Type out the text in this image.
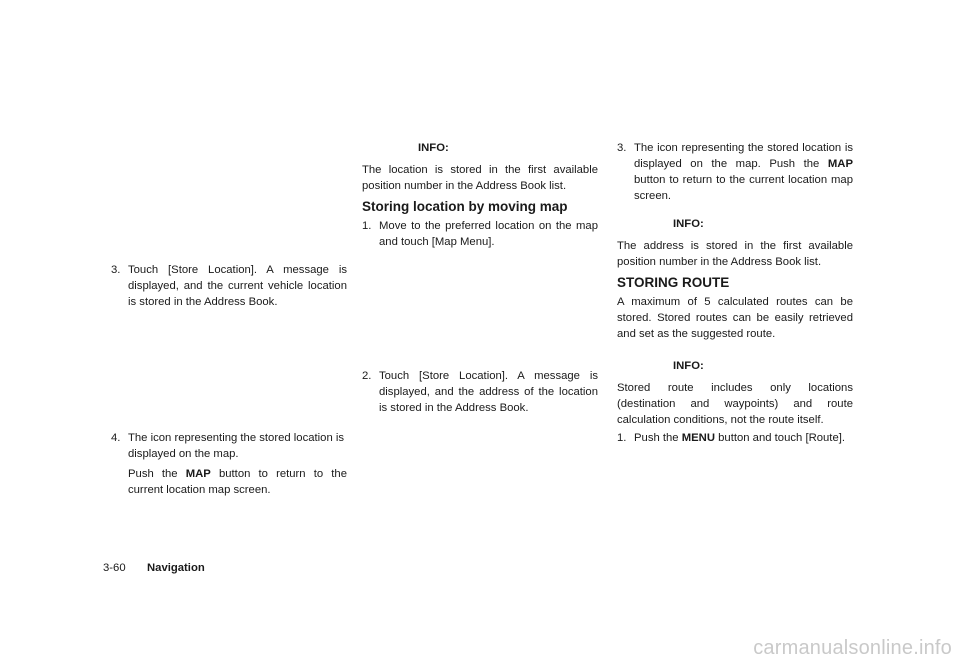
3. Touch [Store Location]. A message is displayed, and the current vehicle location is stored in the Address Book.

4. The icon representing the stored location is displayed on the map.

Push the MAP button to return to the current location map screen.

INFO:

The location is stored in the first available position number in the Address Book list.

Storing location by moving map

1. Move to the preferred location on the map and touch [Map Menu].

2. Touch [Store Location]. A message is displayed, and the address of the location is stored in the Address Book.

3. The icon representing the stored location is displayed on the map. Push the MAP button to return to the current location map screen.

INFO:

The address is stored in the first available position number in the Address Book list.

STORING ROUTE

A maximum of 5 calculated routes can be stored. Stored routes can be easily retrieved and set as the suggested route.

INFO:

Stored route includes only locations (destination and waypoints) and route calculation conditions, not the route itself.

1. Push the MENU button and touch [Route].

3-60 Navigation
carmanualsonline.info
